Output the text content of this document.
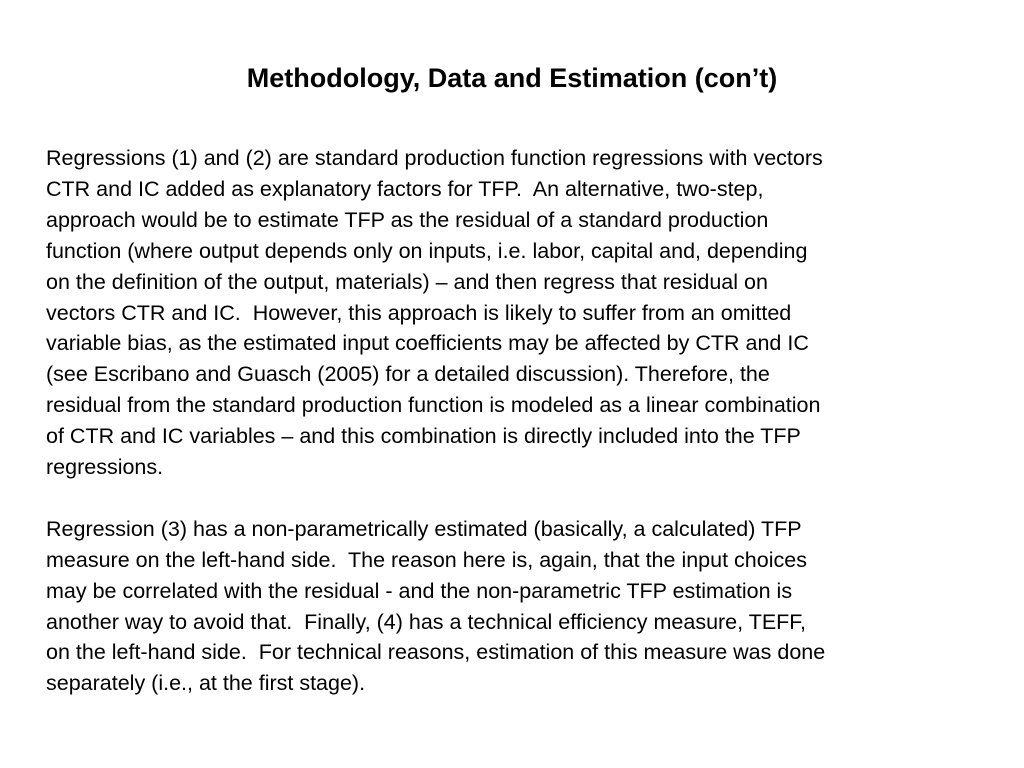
Methodology, Data and Estimation (con’t)

Regressions (1) and (2) are standard production function regressions with vectors
CTR and IC added as explanatory factors for TFP.  An alternative, two-step,
approach would be to estimate TFP as the residual of a standard production
function (where output depends only on inputs, i.e. labor, capital and, depending
on the definition of the output, materials) – and then regress that residual on
vectors CTR and IC.  However, this approach is likely to suffer from an omitted
variable bias, as the estimated input coefficients may be affected by CTR and IC
(see Escribano and Guasch (2005) for a detailed discussion). Therefore, the
residual from the standard production function is modeled as a linear combination
of CTR and IC variables – and this combination is directly included into the TFP
regressions.

Regression (3) has a non-parametrically estimated (basically, a calculated) TFP
measure on the left-hand side.  The reason here is, again, that the input choices
may be correlated with the residual - and the non-parametric TFP estimation is
another way to avoid that.  Finally, (4) has a technical efficiency measure, TEFF,
on the left-hand side.  For technical reasons, estimation of this measure was done
separately (i.e., at the first stage).
